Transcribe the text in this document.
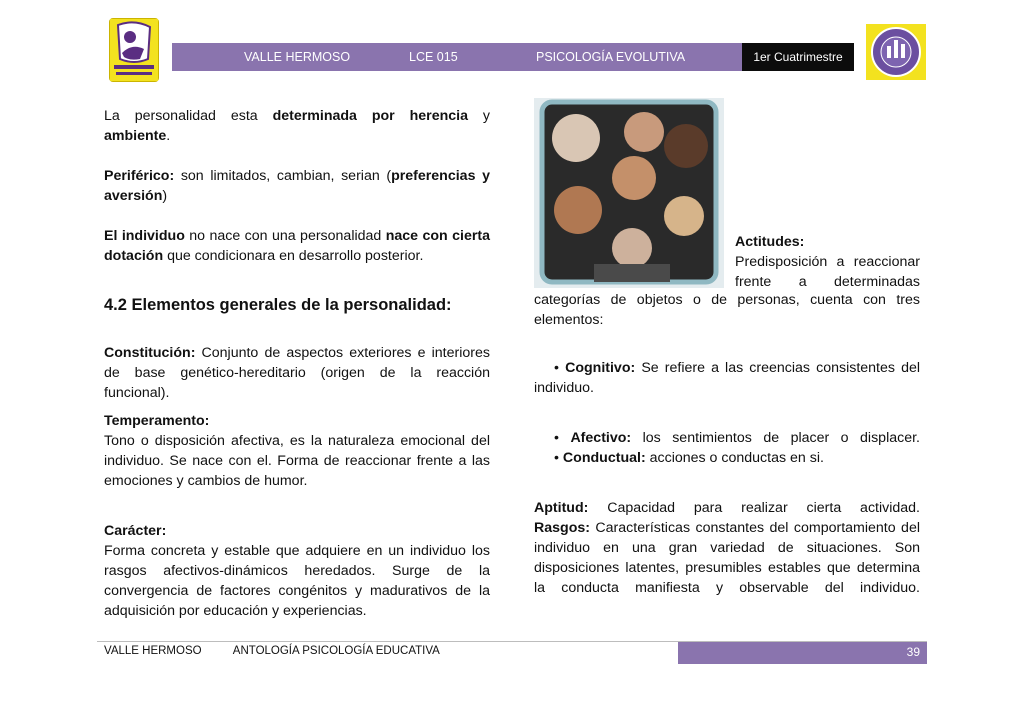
VALLE HERMOSO	LCE 015	PSICOLOGÍA EVOLUTIVA	1er Cuatrimestre

La personalidad esta determinada por herencia y ambiente.

Periférico: son limitados, cambian, serian (preferencias y aversión)

El individuo no nace con una personalidad nace con cierta dotación que condicionara en desarrollo posterior.

4.2 Elementos generales de la personalidad:

Constitución: Conjunto de aspectos exteriores e interiores de base genético-hereditario (origen de la reacción funcional).

Temperamento:
Tono o disposición afectiva, es la naturaleza emocional del individuo. Se nace con el. Forma de reaccionar frente a las emociones y cambios de humor.

Carácter:
Forma concreta y estable que adquiere en un individuo los rasgos afectivos-dinámicos heredados. Surge de la convergencia de factores congénitos y madurativos de la adquisición por educación y experiencias.

Actitudes:

Predisposición a reaccionar frente a determinadas

categorías de objetos o de personas, cuenta con tres elementos:

• Cognitivo: Se refiere a las creencias consistentes del individuo.

• Afectivo: los sentimientos de placer o displacer.

• Conductual: acciones o conductas en si.

Aptitud: Capacidad para realizar cierta actividad.

Rasgos: Características constantes del comportamiento del individuo en una gran variedad de situaciones. Son disposiciones latentes, presumibles estables que determina la conducta manifiesta y observable del individuo.

VALLE HERMOSO	ANTOLOGÍA PSICOLOGÍA EDUCATIVA	39
